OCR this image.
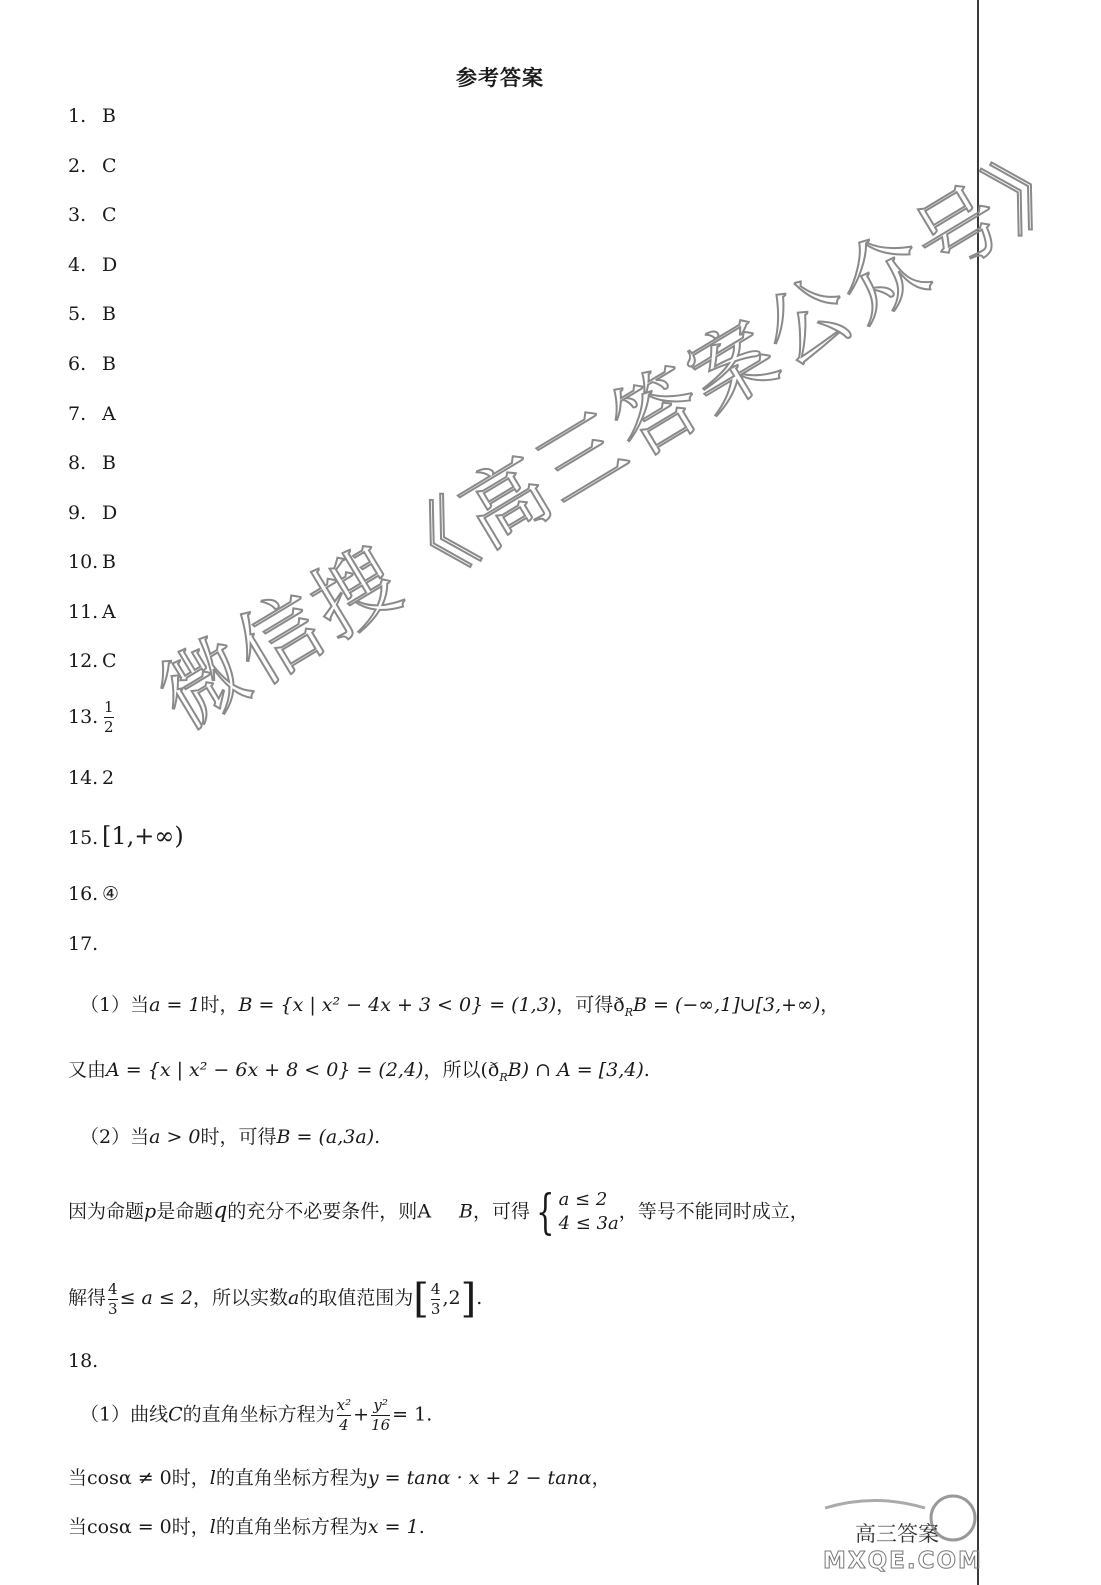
参考答案
1. B
2. C
3. C
4. D
5. B
6. B
7. A
8. B
9. D
10. B
11. A
12. C
13. $\frac{1}{2}$
14. 2
15. [1,+∞)
16. ④
17.
（1）当a = 1时，B = {x | x² − 4x + 3 < 0} = (1,3)，可得$ð_RB$ = (−∞,1]∪[3,+∞)，
又由A = {x | x² − 6x + 8 < 0} = (2,4)，所以$(ð_RB)$ ∩ A = [3,4).
（2）当a > 0时，可得B = (a,3a).
因为命题p是命题q的充分不必要条件，则A B，可得 { a ≤ 2
4 ≤ 3a
，等号不能同时成立，
解得 $\frac{4}{3} \le a \le 2$，所以实数a的取值范围为[ $\frac{4}{3} ,2$].
18.
（1）曲线C的直角坐标方程为 $\frac{\text{x²}}{4} + \frac{\text{y²}}{16} = 1$.
当cosα ≠ 0时，l的直角坐标方程为y = tanα · x + 2 − tanα，
当cosα = 0时，l的直角坐标方程为x = 1.
微信搜《高三答案公众号》
高三答案
MXQE.COM
